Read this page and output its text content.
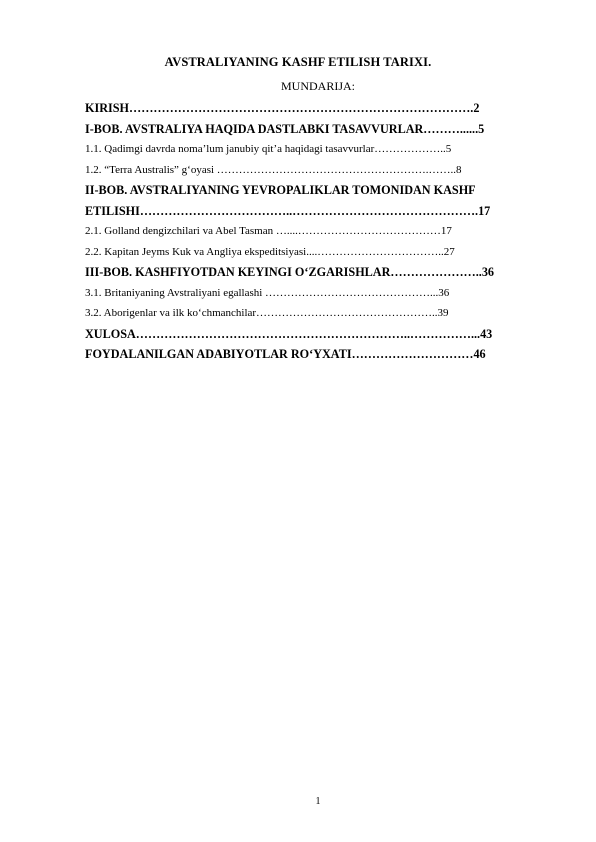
AVSTRALIYANING KASHF ETILISH TARIXI.
MUNDARIJA:
KIRISH………………………………………………………………………….2
I-BOB. AVSTRALIYA HAQIDA DASTLABKI TASAVVURLAR………......5
1.1. Qadimgi davrda noma’lum janubiy qit’a haqidagi tasavvurlar………………..5
1.2. “Terra Australis” g‘oyasi ………………………………………………….……..8
II-BOB. AVSTRALIYANING YEVROPALIKLAR TOMONIDAN KASHF
ETILISHI………………………………..……………………………………….17
2.1. Golland dengizchilari va Abel Tasman …....…………………………………17
2.2. Kapitan Jeyms Kuk va Angliya ekspeditsiyasi....……………………………..27
III-BOB. KASHFIYOTDAN KEYINGI O‘ZGARISHLAR…………………..36
3.1. Britaniyaning Avstraliyani egallashi ………………………………………...36
3.2. Aborigenlar va ilk ko‘chmanchilar…………………………………………..39
XULOSA…………………………………………………………..……………...43
FOYDALANILGAN ADABIYOTLAR RO‘YXATI…………………………46
1
